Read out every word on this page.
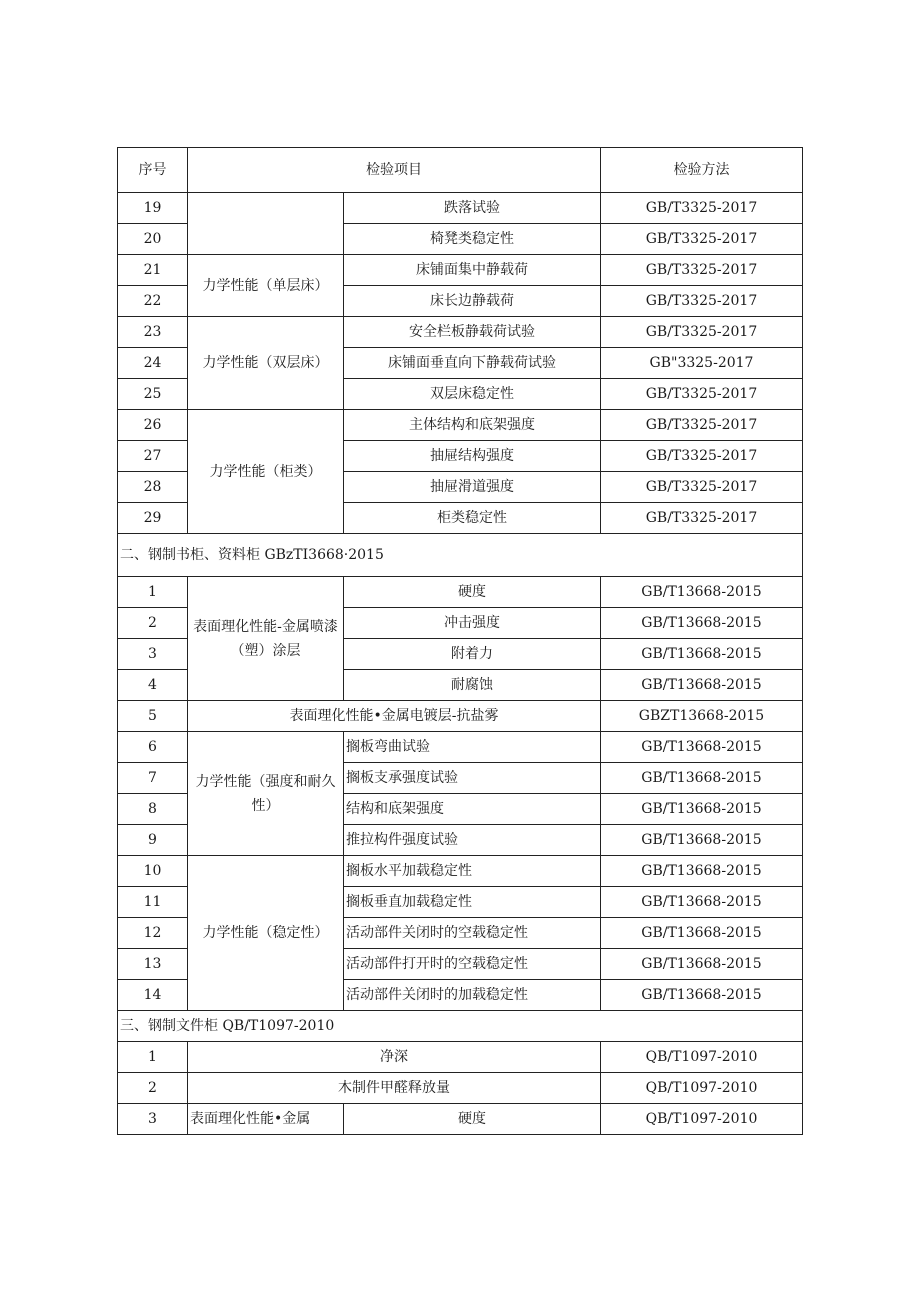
序号	检验项目		检验方法
19		跌落试验	GB/T3325-2017
20		椅凳类稳定性	GB/T3325-2017
21	力学性能（单层床）	床铺面集中静载荷	GB/T3325-2017
22		床长边静载荷	GB/T3325-2017
23	力学性能（双层床）	安全栏板静载荷试验	GB/T3325-2017
24		床铺面垂直向下静载荷试验	GB"3325-2017
25		双层床稳定性	GB/T3325-2017
26	力学性能（柜类）	主体结构和底架强度	GB/T3325-2017
27		抽屉结构强度	GB/T3325-2017
28		抽屉滑道强度	GB/T3325-2017
29		柜类稳定性	GB/T3325-2017
二、钢制书柜、资料柜 GBzTI3668·2015			
1	表面理化性能-金属喷漆（塑）涂层	硬度	GB/T13668-2015
2		冲击强度	GB/T13668-2015
3		附着力	GB/T13668-2015
4		耐腐蚀	GB/T13668-2015
5	表面理化性能•金属电镀层-抗盐雾		GBZT13668-2015
6	力学性能（强度和耐久性）	搁板弯曲试验	GB/T13668-2015
7		搁板支承强度试验	GB/T13668-2015
8		结构和底架强度	GB/T13668-2015
9		推拉构件强度试验	GB/T13668-2015
10	力学性能（稳定性）	搁板水平加载稳定性	GB/T13668-2015
11		搁板垂直加载稳定性	GB/T13668-2015
12		活动部件关闭时的空载稳定性	GB/T13668-2015
13		活动部件打开时的空载稳定性	GB/T13668-2015
14		活动部件关闭时的加载稳定性	GB/T13668-2015
三、钢制文件柜 QB/T1097-2010			
1	净深		QB/T1097-2010
2	木制件甲醛释放量		QB/T1097-2010
3	表面理化性能•金属	硬度	QB/T1097-2010
